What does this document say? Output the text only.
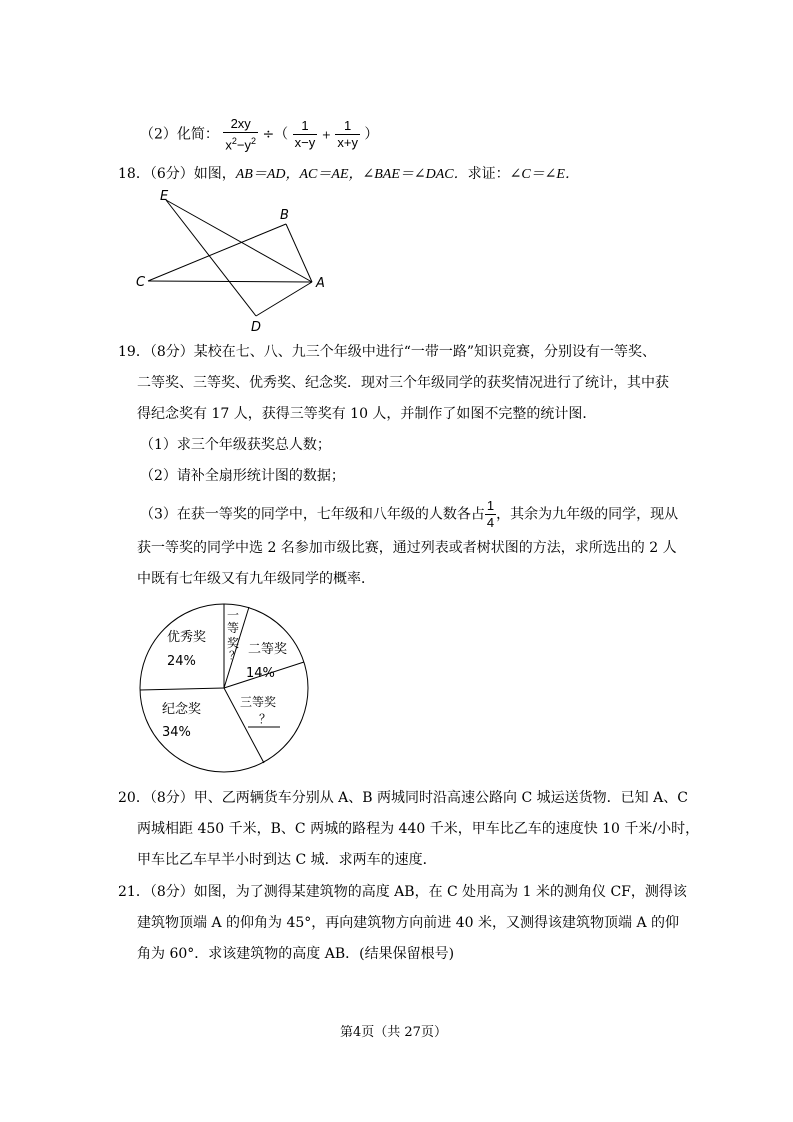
（2）化简： $\frac{2xy}{x^2-y^2}$ ÷（ $\frac{1}{x-y} + \frac{1}{x+y}$ ）
18．（6分）如图，AB＝AD，AC＝AE，∠BAE＝∠DAC．求证：∠C＝∠E．
E
B
C	A
D
19．（8分）某校在七、八、九三个年级中进行“一带一路”知识竞赛，分别设有一等奖、
二等奖、三等奖、优秀奖、纪念奖．现对三个年级同学的获奖情况进行了统计，其中获
得纪念奖有 17 人，获得三等奖有 10 人，并制作了如图不完整的统计图．
（1）求三个年级获奖总人数；
（2）请补全扇形统计图的数据；
（3）在获一等奖的同学中，七年级和八年级的人数各占 $\frac{1}{4}$ ，其余为九年级的同学，现从
获一等奖的同学中选 2 名参加市级比赛，通过列表或者树状图的方法，求所选出的 2 人
中既有七年级又有九年级同学的概率．
一
等
奖
？ 二等奖
14%
三等奖
？
纪念奖
34%
优秀奖
24%
20．（8分）甲、乙两辆货车分别从 A、B 两城同时沿高速公路向 C 城运送货物．已知 A、C
两城相距 450 千米，B、C 两城的路程为 440 千米，甲车比乙车的速度快 10 千米/小时，
甲车比乙车早半小时到达 C 城．求两车的速度．
21．（8分）如图，为了测得某建筑物的高度 AB，在 C 处用高为 1 米的测角仪 CF，测得该
建筑物顶端 A 的仰角为 45°，再向建筑物方向前进 40 米，又测得该建筑物顶端 A 的仰
角为 60°．求该建筑物的高度 AB．(结果保留根号)
第4页（共 27页）
